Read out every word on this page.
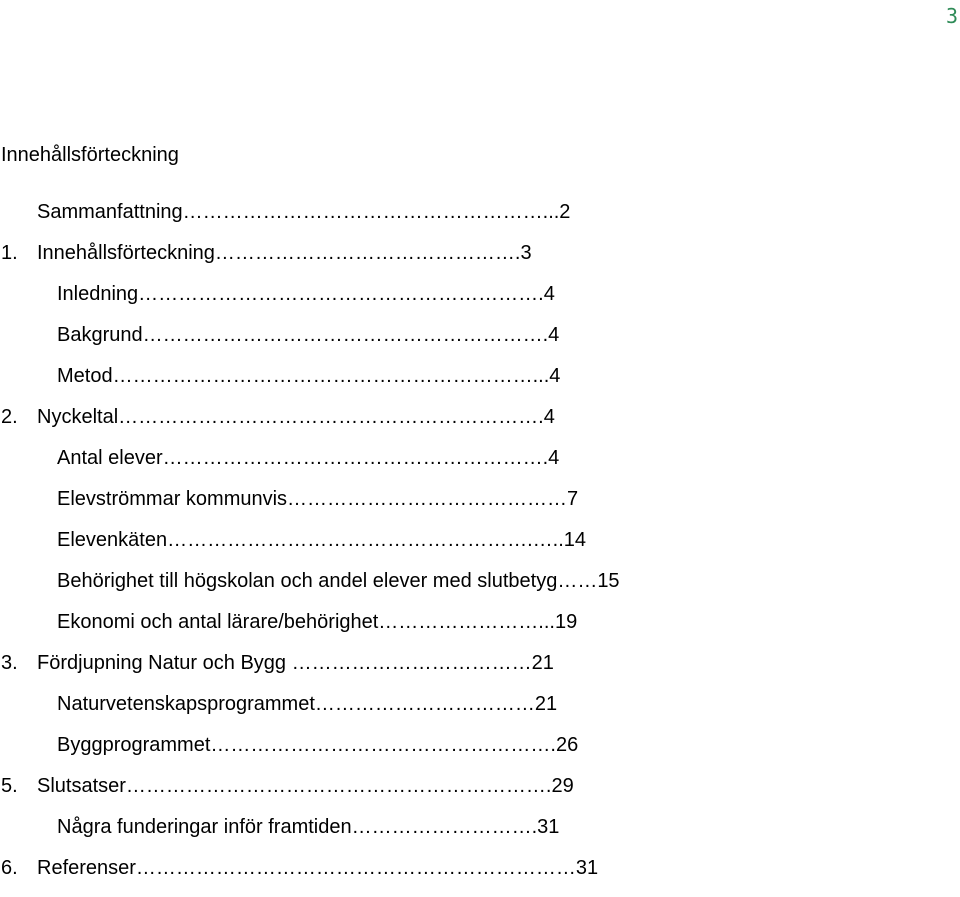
3
Innehållsförteckning
Sammanfattning………………………………………………...2
1. Innehållsförteckning……………………………………….3
Inledning…………………………………………………….4
Bakgrund…………………………………………………….4
Metod………………………………………………………...4
2. Nyckeltal……………………………………………………….4
Antal elever………………………………………………….4
Elevströmmar kommunvis……………………………………7
Elevenkäten……………………………………………….…..14
Behörighet till högskolan och andel elever med slutbetyg……15
Ekonomi och antal lärare/behörighet……………………...19
3. Fördjupning Natur och Bygg ………………………………21
Naturvetenskapsprogrammet……………………………21
Byggprogrammet…………………………………………….26
5. Slutsatser……………………………………………………….29
Några funderingar inför framtiden……………………….31
6. Referenser…………………………………………………………31
